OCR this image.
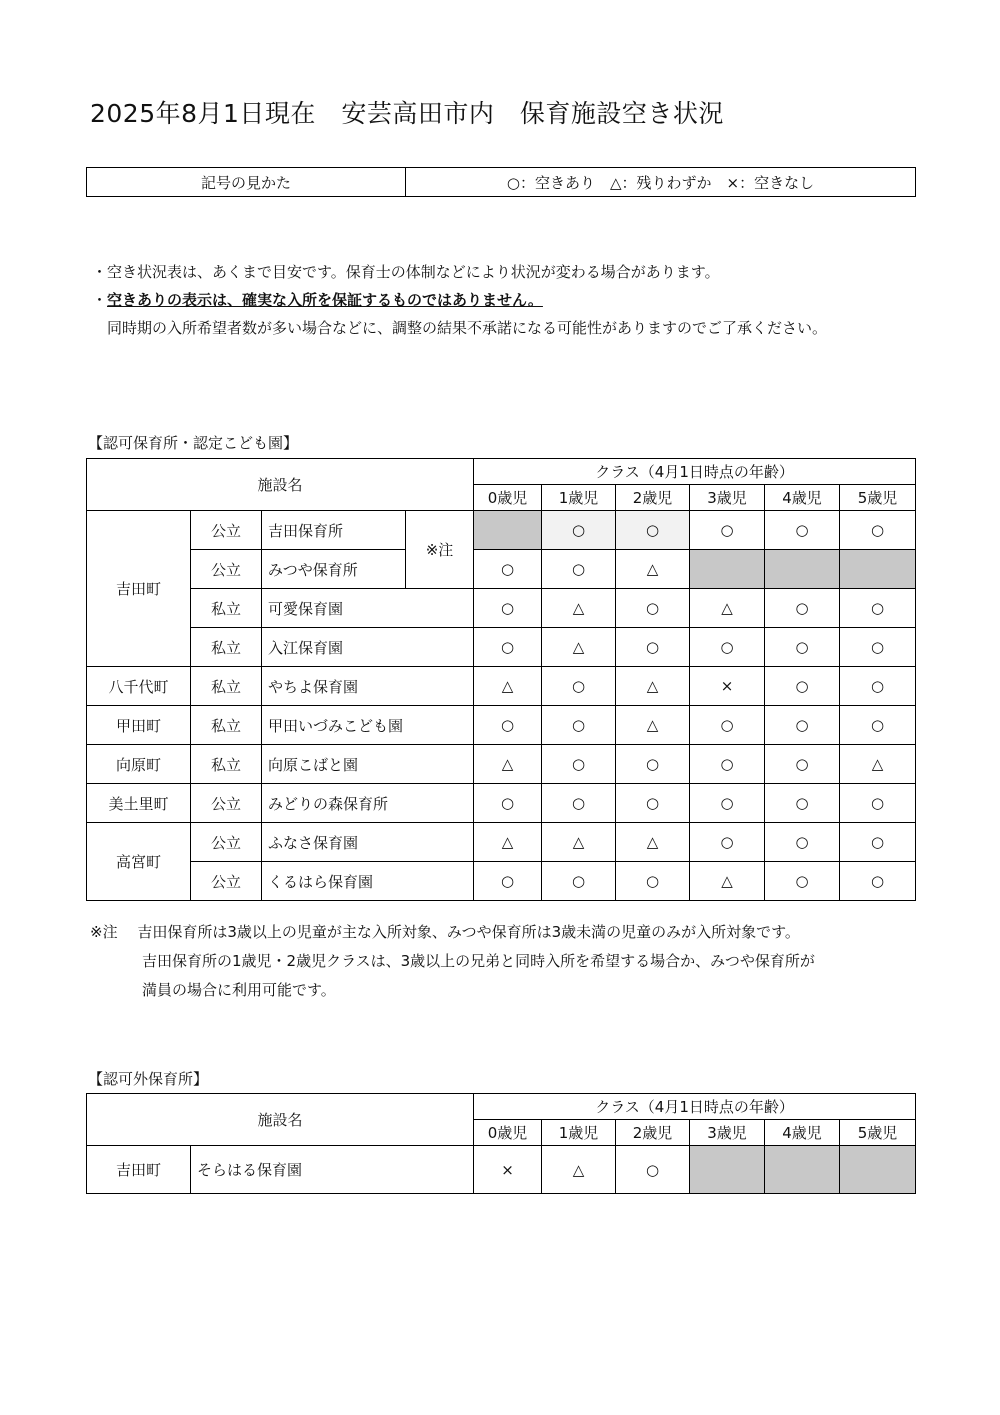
2025年8月1日現在　安芸高田市内　保育施設空き状況
記号の見かた	○：空きあり　△：残りわずか　×：空きなし
・空き状況表は、あくまで目安です。保育士の体制などにより状況が変わる場合があります。
・空きありの表示は、確実な入所を保証するものではありません。
　同時期の入所希望者数が多い場合などに、調整の結果不承諾になる可能性がありますのでご了承ください。
【認可保育所・認定こども園】
施設名				クラス（4月1日時点の年齢）					
				0歳児	1歳児	2歳児	3歳児	4歳児	5歳児
吉田町	公立	吉田保育所	※注		○	○	○	○	○
	公立	みつや保育所		○	○	△			
	私立	可愛保育園		○	△	○	△	○	○
	私立	入江保育園		○	△	○	○	○	○
八千代町	私立	やちよ保育園		△	○	△	×	○	○
甲田町	私立	甲田いづみこども園		○	○	△	○	○	○
向原町	私立	向原こばと園		△	○	○	○	○	△
美土里町	公立	みどりの森保育所		○	○	○	○	○	○
高宮町	公立	ふなさ保育園		△	△	△	○	○	○
	公立	くるはら保育園		○	○	○	△	○	○
※注　 吉田保育所は3歳以上の児童が主な入所対象、みつや保育所は3歳未満の児童のみが入所対象です。
吉田保育所の1歳児・2歳児クラスは、3歳以上の兄弟と同時入所を希望する場合か、みつや保育所が
満員の場合に利用可能です。
【認可外保育所】
施設名		クラス（4月1日時点の年齢）					
		0歳児	1歳児	2歳児	3歳児	4歳児	5歳児
吉田町	そらはる保育園	×	△	○			
